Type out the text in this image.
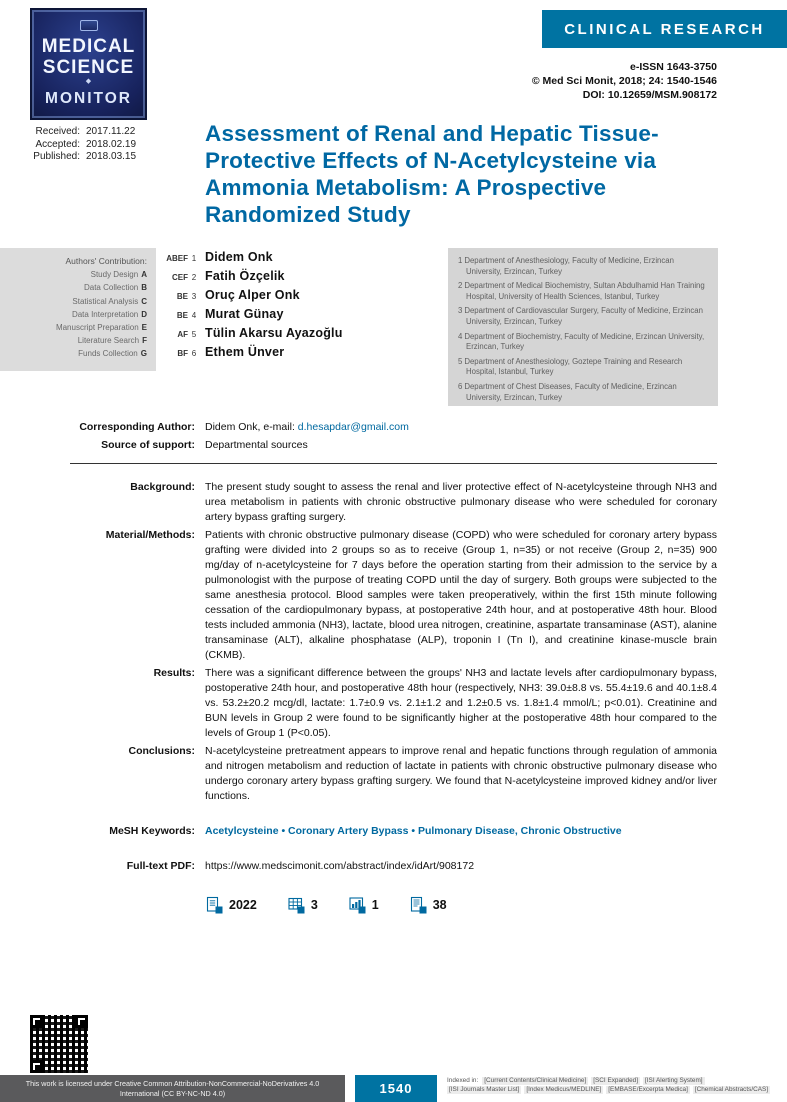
MEDICAL
SCIENCE
◆
MONITOR
CLINICAL RESEARCH
e-ISSN 1643-3750
© Med Sci Monit, 2018; 24: 1540-1546
DOI: 10.12659/MSM.908172
Received: 2017.11.22
Accepted: 2018.02.19
Published: 2018.03.15
Assessment of Renal and Hepatic Tissue-Protective Effects of N-Acetylcysteine via Ammonia Metabolism: A Prospective Randomized Study
Authors' Contribution:
Study Design A
Data Collection B
Statistical Analysis C
Data Interpretation D
Manuscript Preparation E
Literature Search F
Funds Collection G
ABEF 1 Didem Onk
CEF 2 Fatih Özçelik
BE 3 Oruç Alper Onk
BE 4 Murat Günay
AF 5 Tülin Akarsu Ayazoğlu
BF 6 Ethem Ünver
1 Department of Anesthesiology, Faculty of Medicine, Erzincan University, Erzincan, Turkey
2 Department of Medical Biochemistry, Sultan Abdulhamid Han Training Hospital, University of Health Sciences, Istanbul, Turkey
3 Department of Cardiovascular Surgery, Faculty of Medicine, Erzincan University, Erzincan, Turkey
4 Department of Biochemistry, Faculty of Medicine, Erzincan University, Erzincan, Turkey
5 Department of Anesthesiology, Goztepe Training and Research Hospital, Istanbul, Turkey
6 Department of Chest Diseases, Faculty of Medicine, Erzincan University, Erzincan, Turkey
Corresponding Author: Didem Onk, e-mail: d.hesapdar@gmail.com
Source of support: Departmental sources
Background: The present study sought to assess the renal and liver protective effect of N-acetylcysteine through NH3 and urea metabolism in patients with chronic obstructive pulmonary disease who were scheduled for coronary artery bypass grafting surgery.
Material/Methods: Patients with chronic obstructive pulmonary disease (COPD) who were scheduled for coronary artery bypass grafting were divided into 2 groups so as to receive (Group 1, n=35) or not receive (Group 2, n=35) 900 mg/day of n-acetylcysteine for 7 days before the operation starting from their admission to the service by a pulmonologist with the purpose of treating COPD until the day of surgery. Both groups were subjected to the same anesthesia protocol. Blood samples were taken preoperatively, within the first 15th minute following cessation of the cardiopulmonary bypass, at postoperative 24th hour, and at postoperative 48th hour. Blood tests included ammonia (NH3), lactate, blood urea nitrogen, creatinine, aspartate transaminase (AST), alanine transaminase (ALT), alkaline phosphatase (ALP), troponin I (Tn I), and creatinine kinase-muscle brain (CKMB).
Results: There was a significant difference between the groups' NH3 and lactate levels after cardiopulmonary bypass, postoperative 24th hour, and postoperative 48th hour (respectively, NH3: 39.0±8.8 vs. 55.4±19.6 and 40.1±8.4 vs. 53.2±20.2 mcg/dl, lactate: 1.7±0.9 vs. 2.1±1.2 and 1.2±0.5 vs. 1.8±1.4 mmol/L; p<0.01). Creatinine and BUN levels in Group 2 were found to be significantly higher at the postoperative 48th hour compared to the levels of Group 1 (P<0.05).
Conclusions: N-acetylcysteine pretreatment appears to improve renal and hepatic functions through regulation of ammonia and nitrogen metabolism and reduction of lactate in patients with chronic obstructive pulmonary disease who undergo coronary artery bypass grafting surgery. We found that N-acetylcysteine improved kidney and/or liver functions.
MeSH Keywords: Acetylcysteine • Coronary Artery Bypass • Pulmonary Disease, Chronic Obstructive
Full-text PDF: https://www.medscimonit.com/abstract/index/idArt/908172
2022	3	1	38
This work is licensed under Creative Common Attribution-NonCommercial-NoDerivatives 4.0 International (CC BY-NC-ND 4.0)	1540
Indexed in: [Current Contents/Clinical Medicine] [SCI Expanded] [ISI Alerting System][ISI Journals Master List] [Index Medicus/MEDLINE] [EMBASE/Excerpta Medica] [Chemical Abstracts/CAS]
